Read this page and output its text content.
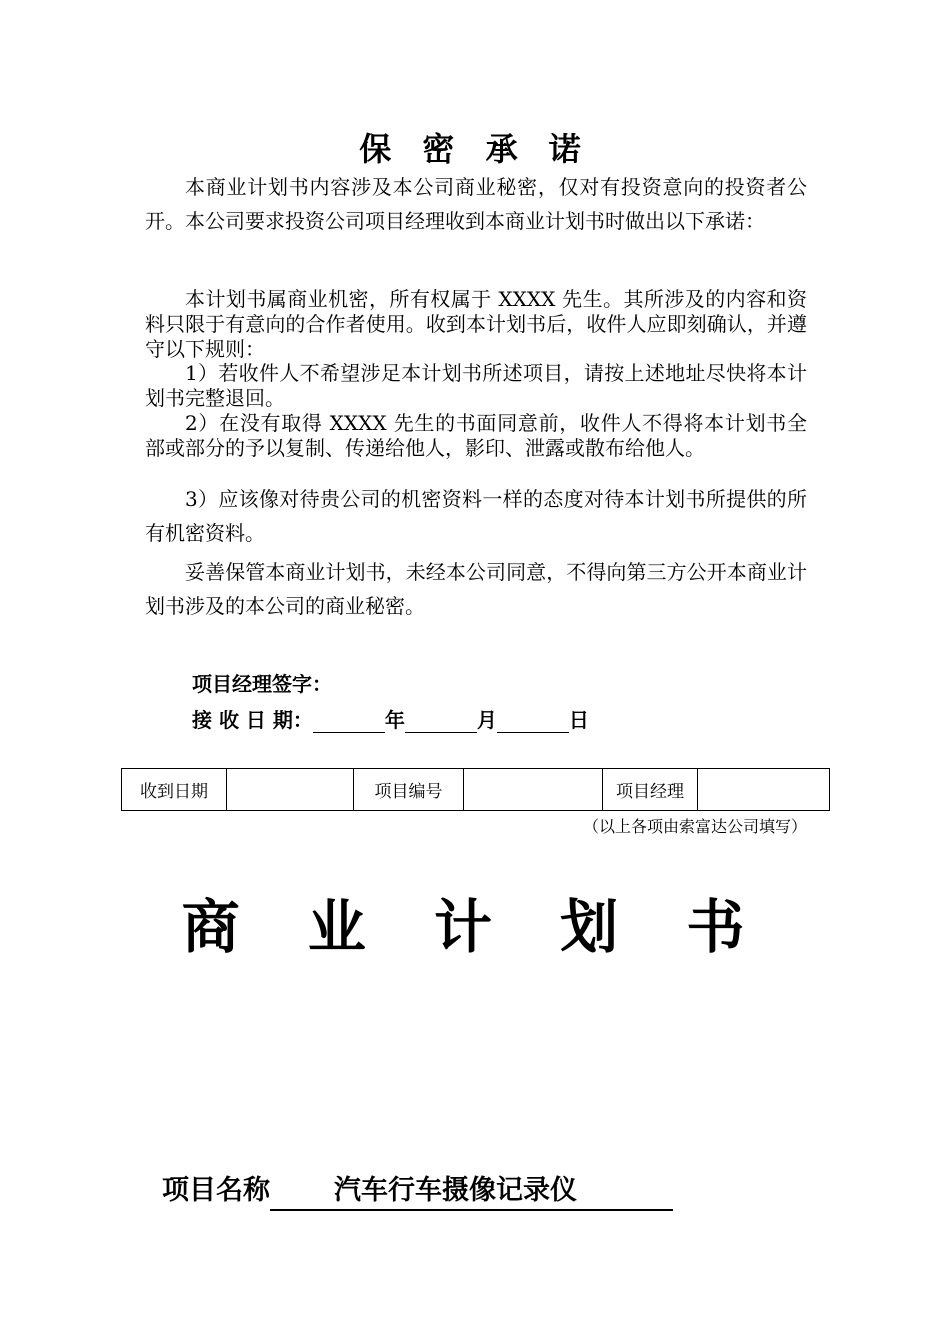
保 密 承 诺
本商业计划书内容涉及本公司商业秘密，仅对有投资意向的投资者公开。本公司要求投资公司项目经理收到本商业计划书时做出以下承诺：
本计划书属商业机密，所有权属于 XXXX 先生。其所涉及的内容和资料只限于有意向的合作者使用。收到本计划书后，收件人应即刻确认，并遵守以下规则：
1）若收件人不希望涉足本计划书所述项目，请按上述地址尽快将本计划书完整退回。
2）在没有取得 XXXX 先生的书面同意前，收件人不得将本计划书全部或部分的予以复制、传递给他人，影印、泄露或散布给他人。
3）应该像对待贵公司的机密资料一样的态度对待本计划书所提供的所有机密资料。
妥善保管本商业计划书，未经本公司同意，不得向第三方公开本商业计划书涉及的本公司的商业秘密。
项目经理签字：
接 收 日 期：	年	月	日
收到日期		项目编号		项目经理	
（以上各项由索富达公司填写）
商 业 计 划 书
项目名称 汽车行车摄像记录仪
